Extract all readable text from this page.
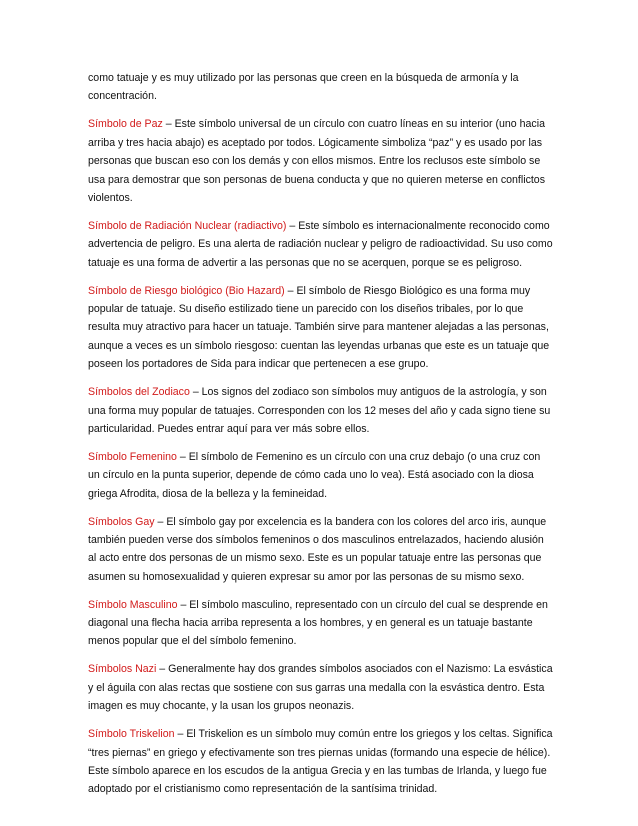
como tatuaje y es muy utilizado por las personas que creen en la búsqueda de armonía y la concentración.

Símbolo de Paz – Este símbolo universal de un círculo con cuatro líneas en su interior (uno hacia arriba y tres hacia abajo) es aceptado por todos. Lógicamente simboliza “paz” y es usado por las personas que buscan eso con los demás y con ellos mismos. Entre los reclusos este símbolo se usa para demostrar que son personas de buena conducta y que no quieren meterse en conflictos violentos.

Símbolo de Radiación Nuclear (radiactivo) – Este símbolo es internacionalmente reconocido como advertencia de peligro. Es una alerta de radiación nuclear y peligro de radioactividad. Su uso como tatuaje es una forma de advertir a las personas que no se acerquen, porque se es peligroso.

Símbolo de Riesgo biológico (Bio Hazard) – El símbolo de Riesgo Biológico es una forma muy popular de tatuaje. Su diseño estilizado tiene un parecido con los diseños tribales, por lo que resulta muy atractivo para hacer un tatuaje. También sirve para mantener alejadas a las personas, aunque a veces es un símbolo riesgoso: cuentan las leyendas urbanas que este es un tatuaje que poseen los portadores de Sida para indicar que pertenecen a ese grupo.

Símbolos del Zodiaco – Los signos del zodiaco son símbolos muy antiguos de la astrología, y son una forma muy popular de tatuajes. Corresponden con los 12 meses del año y cada signo tiene su particularidad. Puedes entrar aquí para ver más sobre ellos.

Símbolo Femenino – El símbolo de Femenino es un círculo con una cruz debajo (o una cruz con un círculo en la punta superior, depende de cómo cada uno lo vea). Está asociado con la diosa griega Afrodita, diosa de la belleza y la femineidad.

Símbolos Gay – El símbolo gay por excelencia es la bandera con los colores del arco iris, aunque también pueden verse dos símbolos femeninos o dos masculinos entrelazados, haciendo alusión al acto entre dos personas de un mismo sexo. Este es un popular tatuaje entre las personas que asumen su homosexualidad y quieren expresar su amor por las personas de su mismo sexo.

Símbolo Masculino – El símbolo masculino, representado con un círculo del cual se desprende en diagonal una flecha hacia arriba representa a los hombres, y en general es un tatuaje bastante menos popular que el del símbolo femenino.

Símbolos Nazi – Generalmente hay dos grandes símbolos asociados con el Nazismo: La esvástica y el águila con alas rectas que sostiene con sus garras una medalla con la esvástica dentro. Esta imagen es muy chocante, y la usan los grupos neonazis.

Símbolo Triskelion – El Triskelion es un símbolo muy común entre los griegos y los celtas. Significa “tres piernas” en griego y efectivamente son tres piernas unidas (formando una especie de hélice). Este símbolo aparece en los escudos de la antigua Grecia y en las tumbas de Irlanda, y luego fue adoptado por el cristianismo como representación de la santísima trinidad.
